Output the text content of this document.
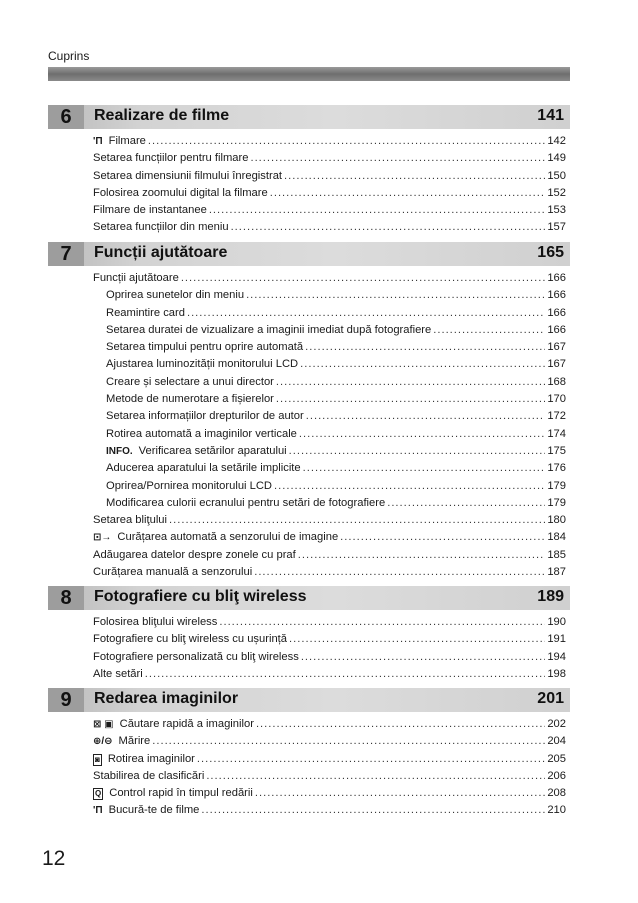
Cuprins
6	Realizare de filme	141
'Π Filmare .....	142
Setarea funcțiilor pentru filmare .....	149
Setarea dimensiunii filmului înregistrat .....	150
Folosirea zoomului digital la filmare .....	152
Filmare de instantanee .....	153
Setarea funcțiilor din meniu .....	157
7	Funcții ajutătoare	165
Funcții ajutătoare .....	166
Oprirea sunetelor din meniu .....	166
Reamintire card .....	166
Setarea duratei de vizualizare a imaginii imediat după fotografiere .....	166
Setarea timpului pentru oprire automată .....	167
Ajustarea luminozității monitorului LCD .....	167
Creare și selectare a unui director .....	168
Metode de numerotare a fișierelor .....	170
Setarea informațiilor drepturilor de autor .....	172
Rotirea automată a imaginilor verticale .....	174
INFO. Verificarea setărilor aparatului .....	175
Aducerea aparatului la setările implicite .....	176
Oprirea/Pornirea monitorului LCD .....	179
Modificarea culorii ecranului pentru setări de fotografiere .....	179
Setarea bliţului .....	180
⊡→ Curățarea automată a senzorului de imagine .....	184
Adăugarea datelor despre zonele cu praf .....	185
Curățarea manuală a senzorului .....	187
8	Fotografiere cu bliţ wireless	189
Folosirea bliţului wireless .....	190
Fotografiere cu bliţ wireless cu ușurință .....	191
Fotografiere personalizată cu bliţ wireless .....	194
Alte setări .....	198
9	Redarea imaginilor	201
⊠ ▣ Căutare rapidă a imaginilor .....	202
⊕/⊖ Mărire .....	204
◙ Rotirea imaginilor .....	205
Stabilirea de clasificări .....	206
Q Control rapid în timpul redării .....	208
'Π Bucură-te de filme .....	210
12
